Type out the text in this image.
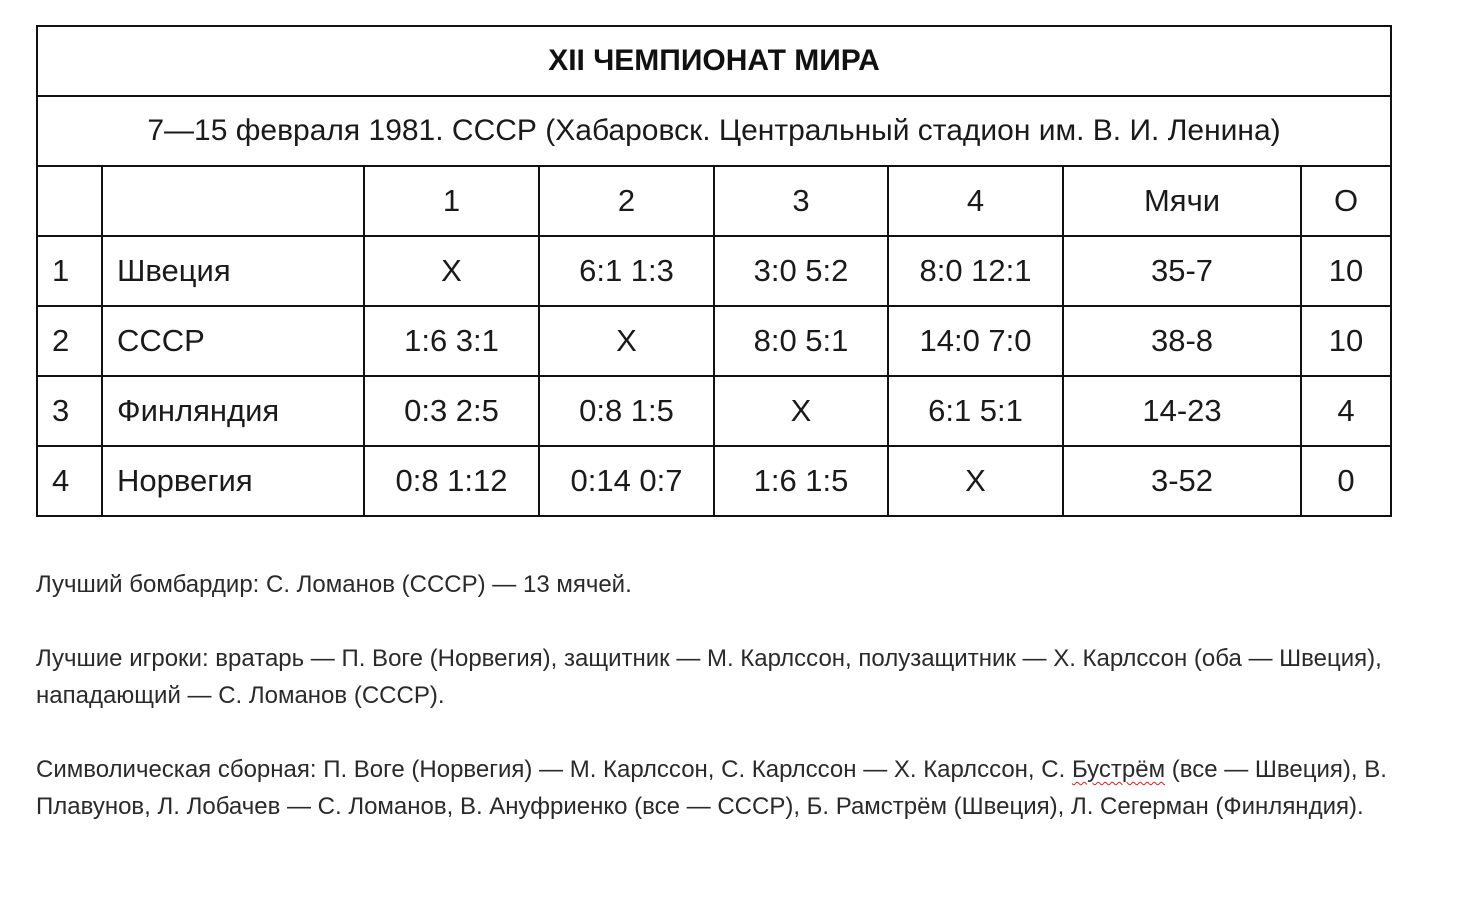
XII ЧЕМПИОНАТ МИРА							
7—15 февраля 1981. СССР (Хабаровск. Центральный стадион им. В. И. Ленина)							
		1	2	3	4	Мячи	О
1	Швеция	X	6:1 1:3	3:0 5:2	8:0 12:1	35-7	10
2	СССР	1:6 3:1	X	8:0 5:1	14:0 7:0	38-8	10
3	Финляндия	0:3 2:5	0:8 1:5	X	6:1 5:1	14-23	4
4	Норвегия	0:8 1:12	0:14 0:7	1:6 1:5	X	3-52	0

Лучший бомбардир: С. Ломанов (СССР) — 13 мячей.

Лучшие игроки: вратарь — П. Воге (Норвегия), защитник — М. Карлссон, полузащитник — Х. Карлссон (оба — Швеция), нападающий — С. Ломанов (СССР).

Символическая сборная: П. Воге (Норвегия) — М. Карлссон, С. Карлссон — Х. Карлссон, С. Бустрём (все — Швеция), В. Плавунов, Л. Лобачев — С. Ломанов, В. Ануфриенко (все — СССР), Б. Рамстрём (Швеция), Л. Сегерман (Финляндия).
